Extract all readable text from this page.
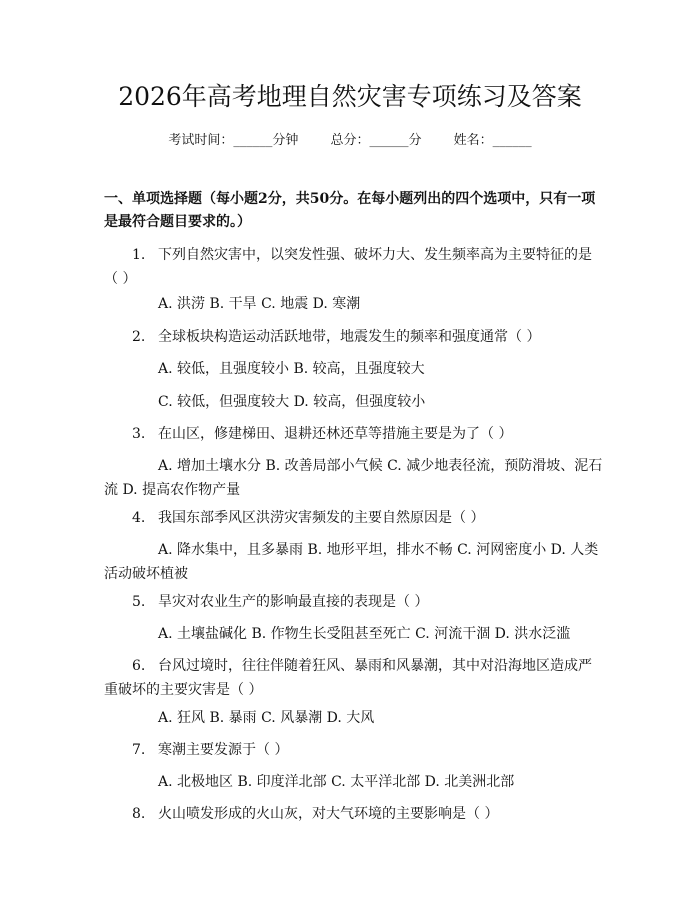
2026年高考地理自然灾害专项练习及答案
考试时间：______分钟 总分：______分 姓名：______
一、单项选择题（每小题2分，共50分。在每小题列出的四个选项中，只有一项是最符合题目要求的。）
1. 下列自然灾害中，以突发性强、破坏力大、发生频率高为主要特征的是（ ）
A. 洪涝 B. 干旱 C. 地震 D. 寒潮
2. 全球板块构造运动活跃地带，地震发生的频率和强度通常（ ）
A. 较低，且强度较小 B. 较高，且强度较大
C. 较低，但强度较大 D. 较高，但强度较小
3. 在山区，修建梯田、退耕还林还草等措施主要是为了（ ）
A. 增加土壤水分 B. 改善局部小气候 C. 减少地表径流，预防滑坡、泥石流 D. 提高农作物产量
4. 我国东部季风区洪涝灾害频发的主要自然原因是（ ）
A. 降水集中，且多暴雨 B. 地形平坦，排水不畅 C. 河网密度小 D. 人类活动破坏植被
5. 旱灾对农业生产的影响最直接的表现是（ ）
A. 土壤盐碱化 B. 作物生长受阻甚至死亡 C. 河流干涸 D. 洪水泛滥
6. 台风过境时，往往伴随着狂风、暴雨和风暴潮，其中对沿海地区造成严重破坏的主要灾害是（ ）
A. 狂风 B. 暴雨 C. 风暴潮 D. 大风
7. 寒潮主要发源于（ ）
A. 北极地区 B. 印度洋北部 C. 太平洋北部 D. 北美洲北部
8. 火山喷发形成的火山灰，对大气环境的主要影响是（ ）
